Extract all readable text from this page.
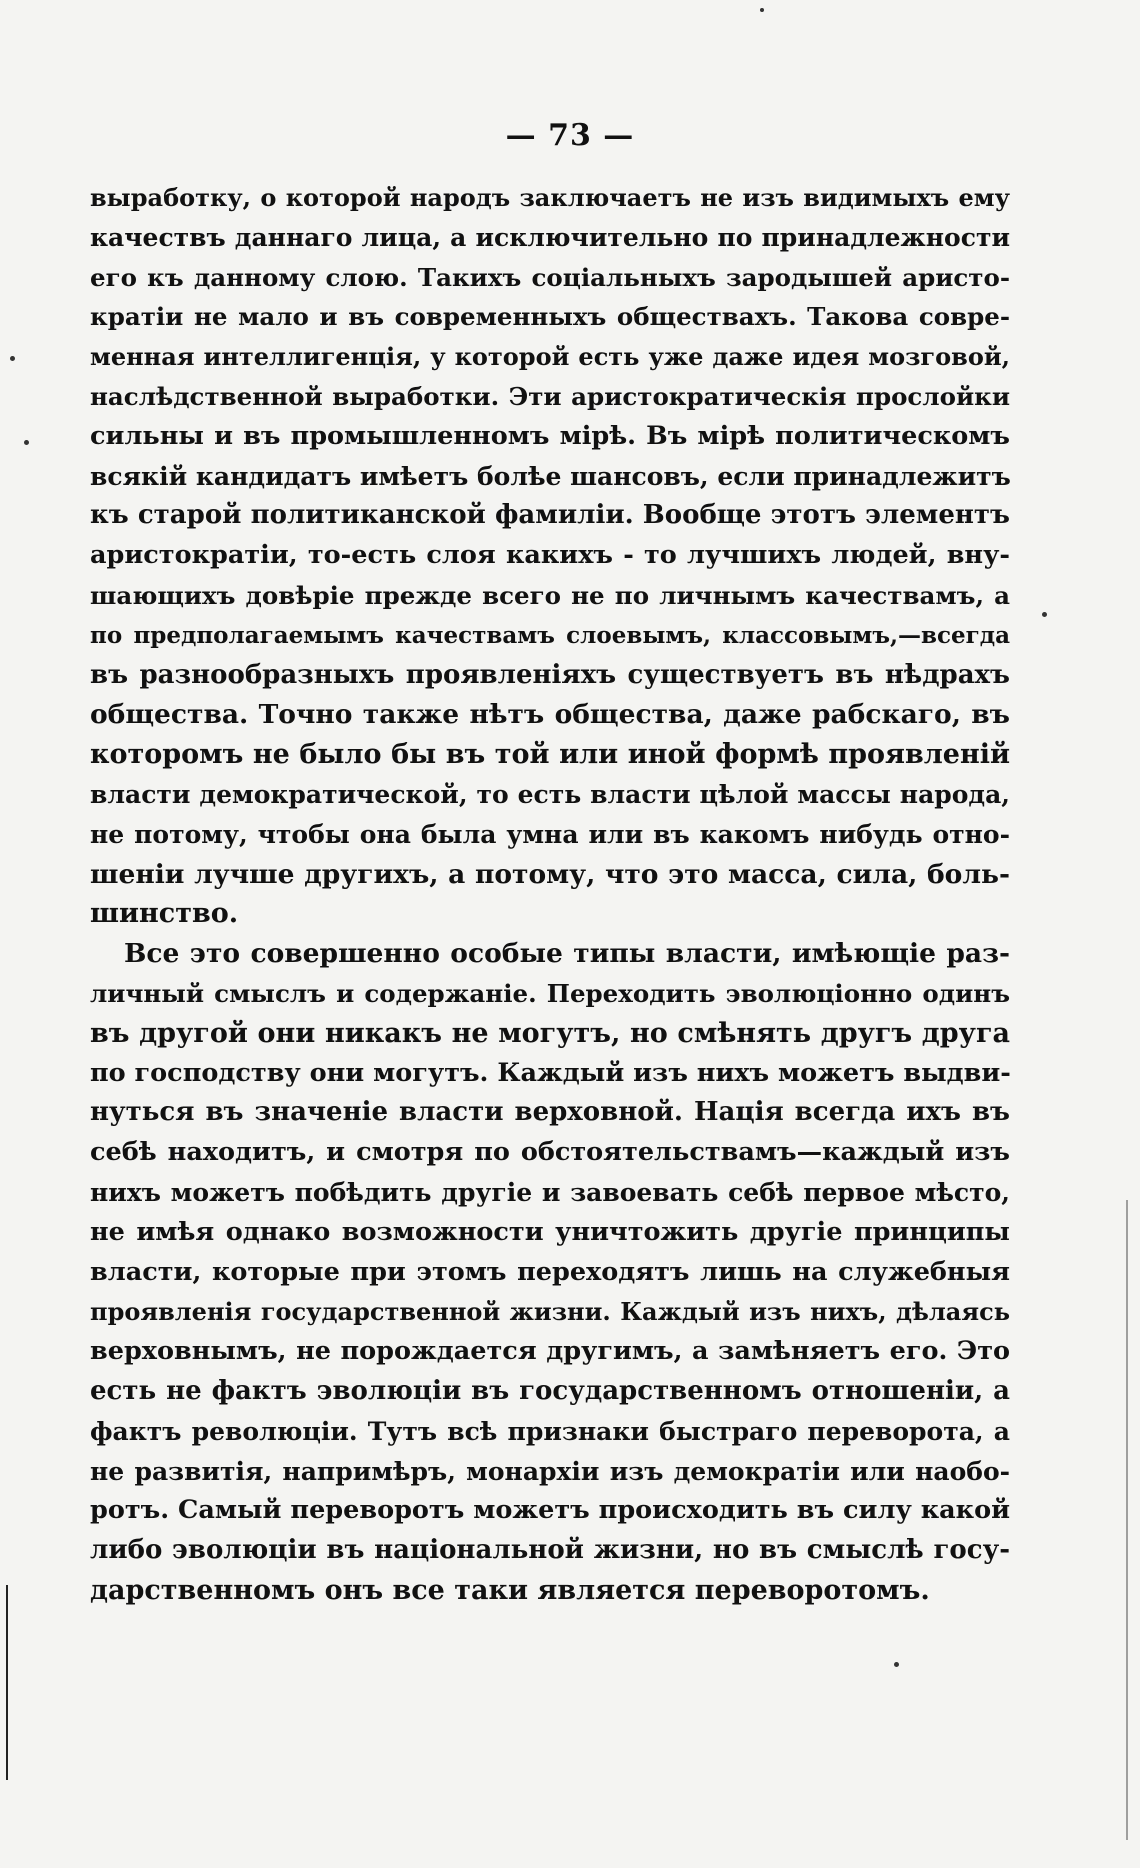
— 73 —
выработку, о которой народъ заключаетъ не изъ видимыхъ ему
качествъ даннаго лица, а исключительно по принадлежности
его къ данному слою. Такихъ соціальныхъ зародышей аристо-
кратіи не мало и въ современныхъ обществахъ. Такова совре-
менная интеллигенція, у которой есть уже даже идея мозговой,
наслѣдственной выработки. Эти аристократическія прослойки
сильны и въ промышленномъ мірѣ. Въ мірѣ политическомъ
всякій кандидатъ имѣетъ болѣе шансовъ, если принадлежитъ
къ старой политиканской фамиліи. Вообще этотъ элементъ
аристократіи, то-есть слоя какихъ - то лучшихъ людей, вну-
шающихъ довѣріе прежде всего не по личнымъ качествамъ, а
по предполагаемымъ качествамъ слоевымъ, классовымъ,—всегда
въ разнообразныхъ проявленіяхъ существуетъ въ нѣдрахъ
общества. Точно также нѣтъ общества, даже рабскаго, въ
которомъ не было бы въ той или иной формѣ проявленій
власти демократической, то есть власти цѣлой массы народа,
не потому, чтобы она была умна или въ какомъ нибудь отно-
шеніи лучше другихъ, а потому, что это масса, сила, боль-
шинство.
Все это совершенно особые типы власти, имѣющіе раз-
личный смыслъ и содержаніе. Переходить эволюціонно одинъ
въ другой они никакъ не могутъ, но смѣнять другъ друга
по господству они могутъ. Каждый изъ нихъ можетъ выдви-
нуться въ значеніе власти верховной. Нація всегда ихъ въ
себѣ находитъ, и смотря по обстоятельствамъ—каждый изъ
нихъ можетъ побѣдить другіе и завоевать себѣ первое мѣсто,
не имѣя однако возможности уничтожить другіе принципы
власти, которые при этомъ переходятъ лишь на служебныя
проявленія государственной жизни. Каждый изъ нихъ, дѣлаясь
верховнымъ, не порождается другимъ, а замѣняетъ его. Это
есть не фактъ эволюціи въ государственномъ отношеніи, а
фактъ революціи. Тутъ всѣ признаки быстраго переворота, а
не развитія, напримѣръ, монархіи изъ демократіи или наобо-
ротъ. Самый переворотъ можетъ происходить въ силу какой
либо эволюціи въ національной жизни, но въ смыслѣ госу-
дарственномъ онъ все таки является переворотомъ.
